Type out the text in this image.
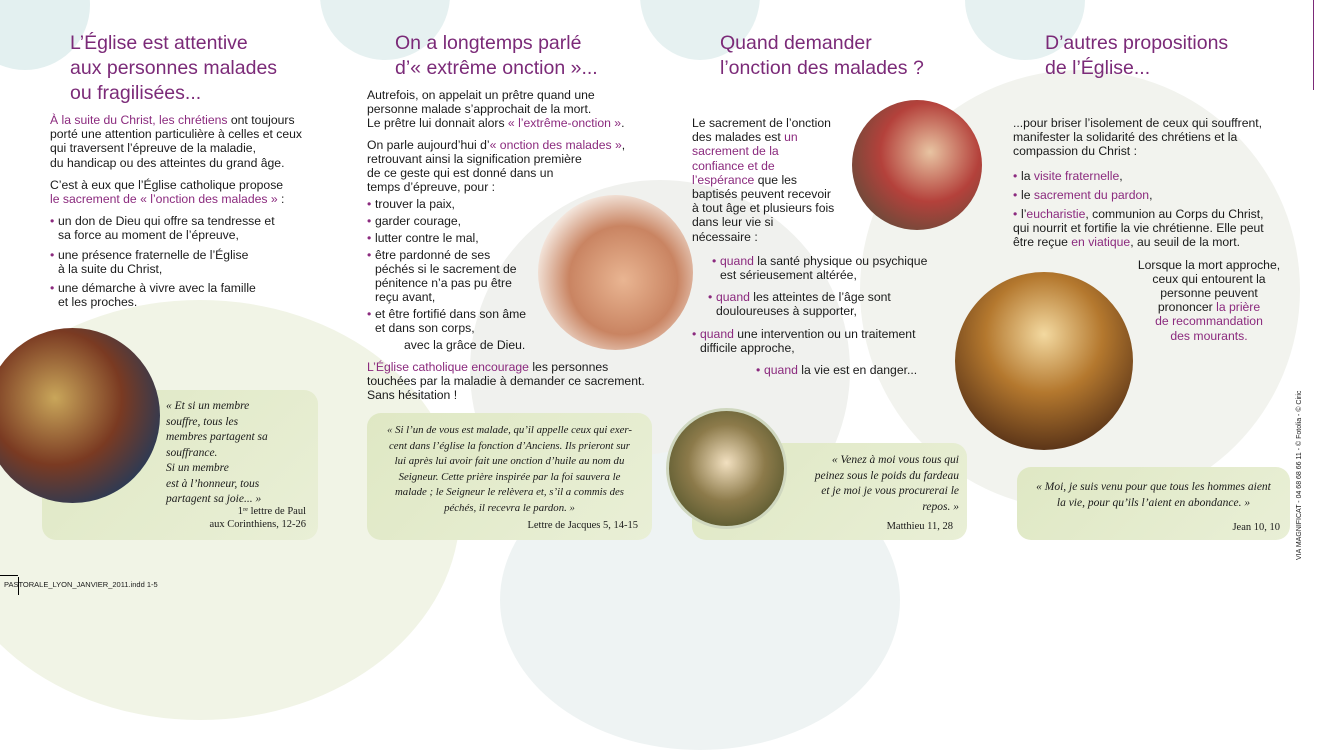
L’Église est attentive
aux personnes malades
ou fragilisées...

À la suite du Christ, les chrétiens ont toujours
porté une attention particulière à celles et ceux
qui traversent l’épreuve de la maladie,
du handicap ou des atteintes du grand âge.

C’est à eux que l’Église catholique propose
le sacrement de « l’onction des malades » :

• un don de Dieu qui offre sa tendresse et
sa force au moment de l’épreuve,
• une présence fraternelle de l’Église
à la suite du Christ,
• une démarche à vivre avec la famille
et les proches.
« Et si un membre
souffre, tous les
membres partagent sa
souffrance.
Si un membre
est à l’honneur, tous
partagent sa joie... »
1ʳᵉ lettre de Paul
aux Corinthiens, 12-26
On a longtemps parlé
d’« extrême onction »...

Autrefois, on appelait un prêtre quand une
personne malade s’approchait de la mort.
Le prêtre lui donnait alors « l’extrême-onction ».

On parle aujourd’hui d’« onction des malades »,
retrouvant ainsi la signification première
de ce geste qui est donné dans un
temps d’épreuve, pour :

• trouver la paix,
• garder courage,
• lutter contre le mal,
• être pardonné de ses
péchés si le sacrement de
pénitence n’a pas pu être
reçu avant,
• et être fortifié dans son âme
et dans son corps,

avec la grâce de Dieu.

L’Église catholique encourage les personnes
touchées par la maladie à demander ce sacrement.
Sans hésitation !

« Si l’un de vous est malade, qu’il appelle ceux qui exer-
cent dans l’église la fonction d’Anciens. Ils prieront sur
lui après lui avoir fait une onction d’huile au nom du
Seigneur. Cette prière inspirée par la foi sauvera le
malade ; le Seigneur le relèvera et, s’il a commis des
péchés, il recevra le pardon. »
Lettre de Jacques 5, 14-15
Quand demander
l’onction des malades ?

Le sacrement de l’onction
des malades est un
sacrement de la
confiance et de
l’espérance que les
baptisés peuvent recevoir
à tout âge et plusieurs fois
dans leur vie si
nécessaire :

• quand la santé physique ou psychique
est sérieusement altérée,
• quand les atteintes de l’âge sont
douloureuses à supporter,
• quand une intervention ou un traitement
difficile approche,
• quand la vie est en danger...
« Venez à moi vous tous qui
peinez sous le poids du fardeau
et je moi je vous procurerai le
repos. »
Matthieu 11, 28
D’autres propositions
de l’Église...

...pour briser l’isolement de ceux qui souffrent,
manifester la solidarité des chrétiens et la
compassion du Christ :

• la visite fraternelle,
• le sacrement du pardon,
• l’eucharistie, communion au Corps du Christ,
qui nourrit et fortifie la vie chrétienne. Elle peut
être reçue en viatique, au seuil de la mort.

Lorsque la mort approche,
ceux qui entourent la
personne peuvent
prononcer la prière
de recommandation
des mourants.

« Moi, je suis venu pour que tous les hommes aient
la vie, pour qu’ils l’aient en abondance. »
Jean 10, 10 VIA MAGNIFICAT - 04 68 68 66 11 - © Fotolia - © Ciric
PASTORALE_LYON_JANVIER_2011.indd 1-5
